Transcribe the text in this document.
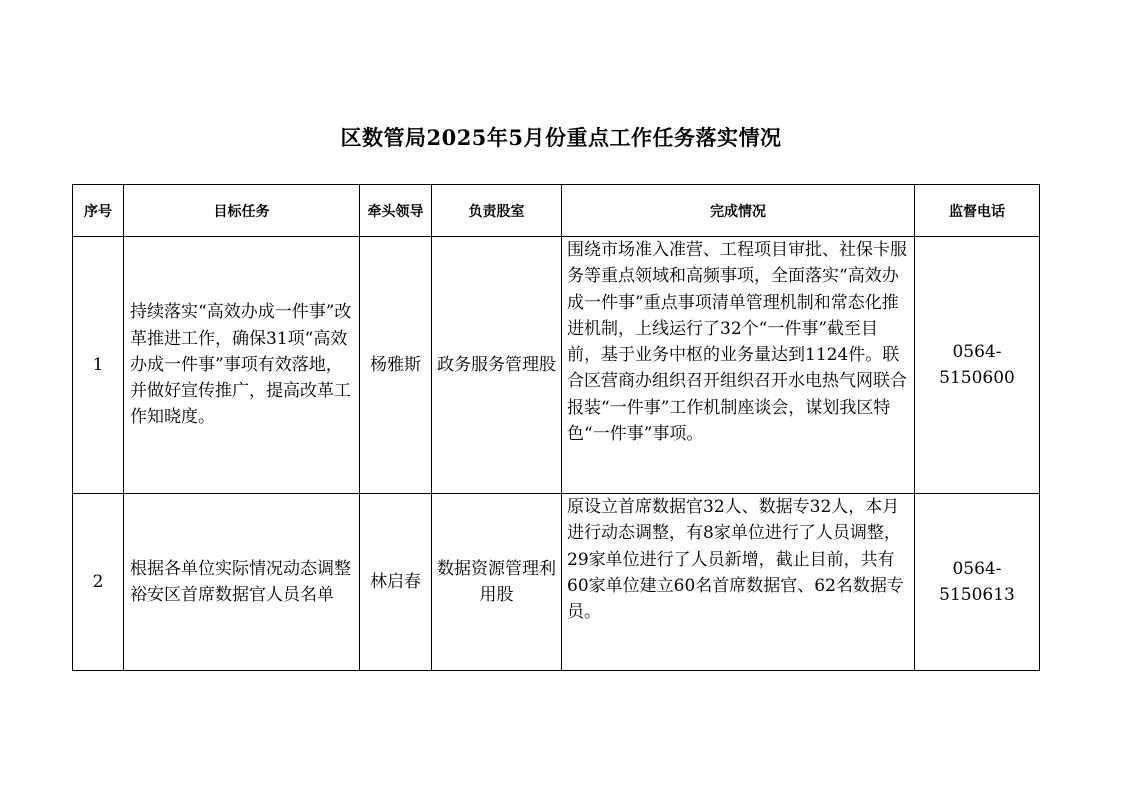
区数管局2025年5月份重点工作任务落实情况
序号	目标任务	牵头领导	负责股室	完成情况	监督电话
1	持续落实“高效办成一件事”改革推进工作，确保31项“高效办成一件事”事项有效落地，并做好宣传推广，提高改革工作知晓度。	杨雅斯	政务服务管理股	围绕市场准入准营、工程项目审批、社保卡服务等重点领域和高频事项，全面落实“高效办成一件事”重点事项清单管理机制和常态化推进机制，上线运行了32个“一件事”截至目前，基于业务中枢的业务量达到1124件。联合区营商办组织召开组织召开水电热气网联合报装“一件事”工作机制座谈会，谋划我区特色“一件事”事项。	0564-5150600
2	根据各单位实际情况动态调整裕安区首席数据官人员名单	林启春	数据资源管理利用股	原设立首席数据官32人、数据专32人，本月进行动态调整，有8家单位进行了人员调整，29家单位进行了人员新增，截止目前，共有60家单位建立60名首席数据官、62名数据专员。	0564-5150613
